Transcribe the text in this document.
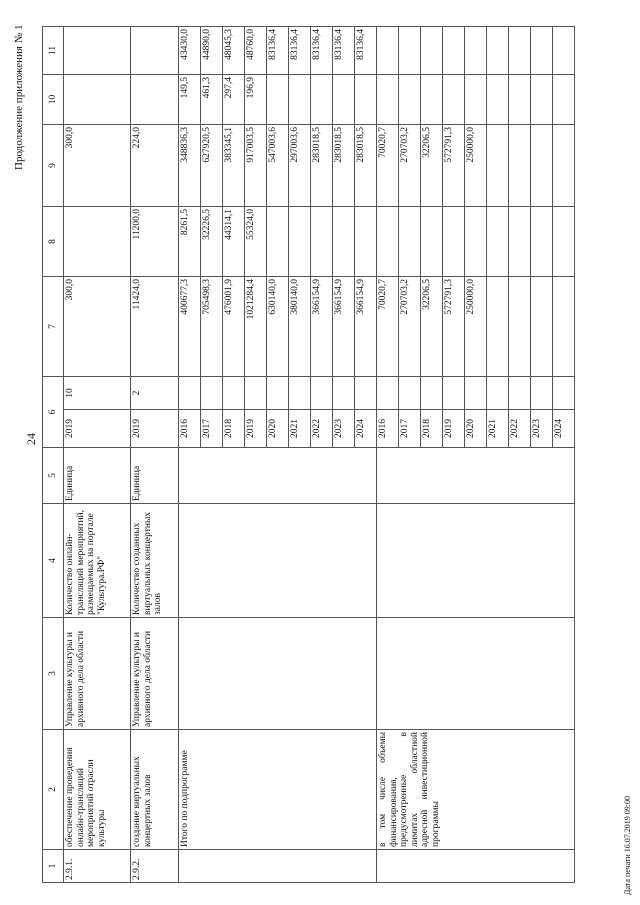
24
Продолжение приложения № 1
1	2	3	4	5	6		7	8	9	10	11
2.9.1.	обеспечение проведения онлайн-трансляций мероприятий отрасли культуры	Управление культуры и архивного дела области	Количество онлайн-трансляций мероприятий, размещаемых на портале "Культура.РФ"	Единица	2019	10	300,0		300,0		
2.9.2.	создание виртуальных концертных залов	Управление культуры и архивного дела области	Количество созданных виртуальных концертных залов	Единица	2019	2	11424,0	11200,0	224,0		
	Итого по подпрограмме				2016		400677,3	8261,5	348836,3	149,5	43430,0
					2017		705498,3	32226,5	627920,5	461,3	44890,0
					2018		476001,9	44314,1	383345,1	297,4	48045,3
					2019		1021284,4	55324,0	917003,5	196,9	48760,0
					2020		630140,0		547003,6		83136,4
					2021		380140,0		297003,6		83136,4
					2022		366154,9		283018,5		83136,4
					2023		366154,9		283018,5		83136,4
					2024		366154,9		283018,5		83136,4
	в том числе объемы финансирования, предусмотренные в лимитах областной адресной инвестиционной программы				2016		70020,7		70020,7		
					2017		270703,2		270703,2		
					2018		32206,5		32206,5		
					2019		572791,3		572791,3		
					2020		250000,0		250000,0		
					2021						
					2022						
					2023						
					2024						
Дата печати 16.07.2019 09:00
